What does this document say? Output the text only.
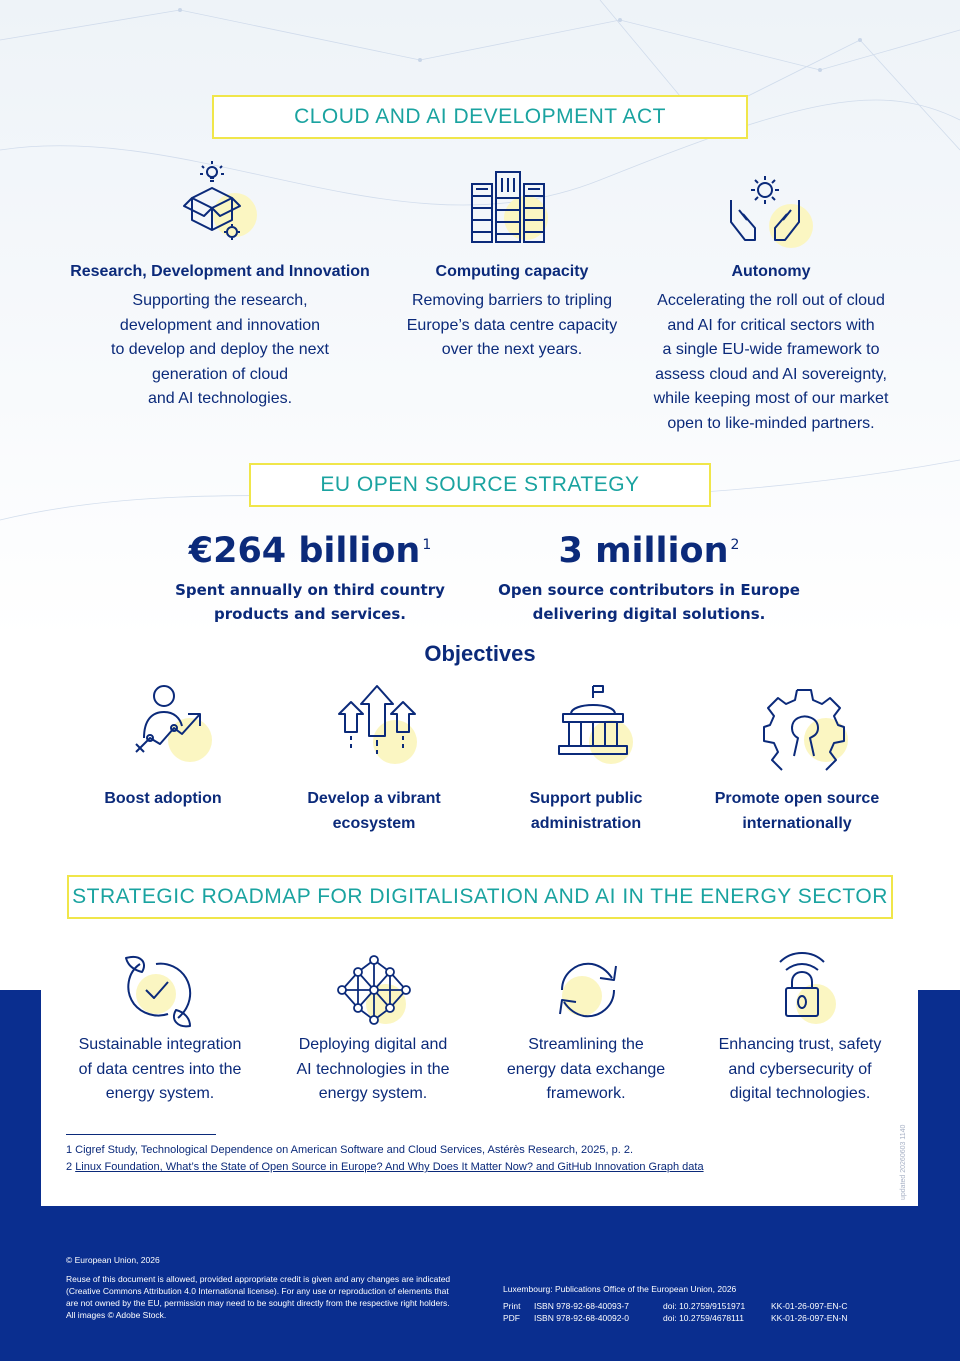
CLOUD AND AI DEVELOPMENT ACT
Research, Development and Innovation
Supporting the research,
development and innovation
to develop and deploy the next
generation of cloud
and AI technologies.
Computing capacity
Removing barriers to tripling
Europe’s data centre capacity
over the next years.
Autonomy
Accelerating the roll out of cloud
and AI for critical sectors with
a single EU-wide framework to
assess cloud and AI sovereignty,
while keeping most of our market
open to like-minded partners.
EU OPEN SOURCE STRATEGY
€264 billion $^1$
Spent annually on third country
products and services.
3 million $^2$
Open source contributors in Europe
delivering digital solutions.
Objectives
Boost adoption	Develop a vibrant
ecosystem
Support public
administration
Promote open source
internationally
STRATEGIC ROADMAP FOR DIGITALISATION AND AI IN THE ENERGY SECTOR
Sustainable integration
of data centres into the
energy system.
Deploying digital and
AI technologies in the
energy system.
Streamlining the
energy data exchange
framework.
Enhancing trust, safety
and cybersecurity of
digital technologies.
1 Cigref Study, Technological Dependence on American Software and Cloud Services, Astérès Research, 2025, p. 2.
2 Linux Foundation, What’s the State of Open Source in Europe? And Why Does It Matter Now? and GitHub Innovation Graph data	updated 20260603 1140
© European Union, 2026
Reuse of this document is allowed, provided appropriate credit is given and any changes are indicated
(Creative Commons Attribution 4.0 International license). For any use or reproduction of elements that
are not owned by the EU, permission may need to be sought directly from the respective right holders.
All images © Adobe Stock.
Luxembourg: Publications Office of the European Union, 2026
Print	ISBN 978-92-68-40093-7	doi: 10.2759/9151971	KK-01-26-097-EN-C
PDF	ISBN 978-92-68-40092-0	doi: 10.2759/4678111	KK-01-26-097-EN-N
